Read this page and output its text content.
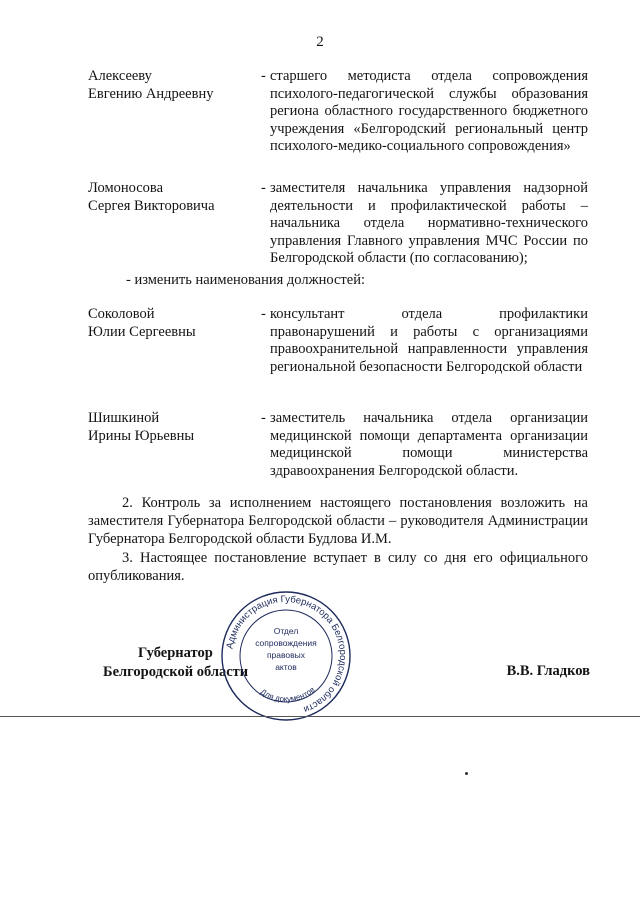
2
Алексееву
Евгению Андреевну
- старшего методиста отдела сопровождения психолого-педагогической службы образования региона областного государственного бюджетного учреждения «Белгородский региональный центр психолого-медико-социального сопровождения»
Ломоносова
Сергея Викторовича
- заместителя начальника управления надзорной деятельности и профилактической работы – начальника отдела нормативно-технического управления Главного управления МЧС России по Белгородской области (по согласованию);
- изменить наименования должностей:
Соколовой
Юлии Сергеевны
- консультант отдела профилактики правонарушений и работы с организациями правоохранительной направленности управления региональной безопасности Белгородской области
Шишкиной
Ирины Юрьевны
- заместитель начальника отдела организации медицинской помощи департамента организации медицинской помощи министерства здравоохранения Белгородской области.
2. Контроль за исполнением настоящего постановления возложить на заместителя Губернатора Белгородской области – руководителя Администрации Губернатора Белгородской области Будлова И.М.
3. Настоящее постановление вступает в силу со дня его официального опубликования.
Губернатор
Белгородской области	В.В. Гладков
Администрация Губернатора Белгородской области
Отдел
сопровождения
правовых
актов
Для документов
